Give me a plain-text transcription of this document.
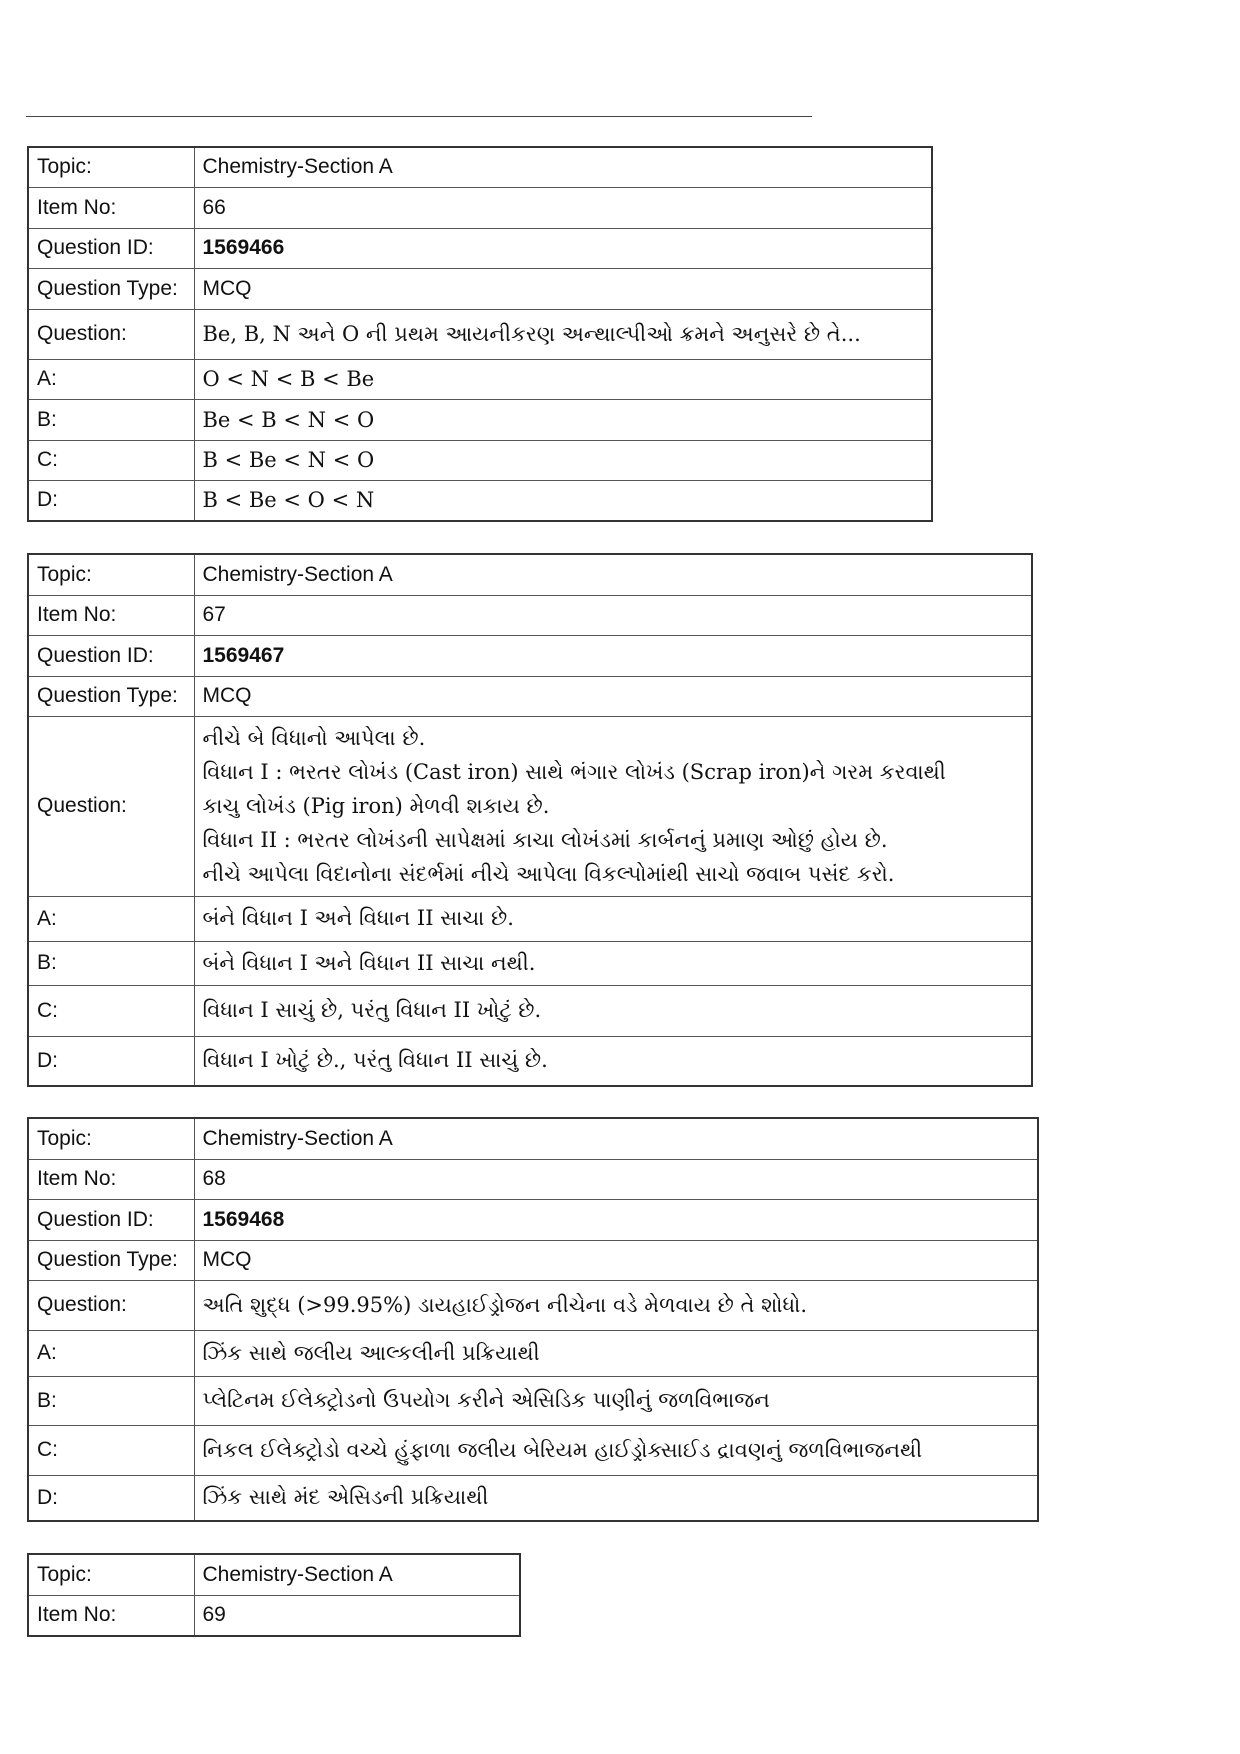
Topic:	Chemistry-Section A
Item No:	66
Question ID:	1569466
Question Type:	MCQ
Question:	Be, B, N અને O ની પ્રથમ આયનીકરણ અન્થાલ્પીઓ ક્રમને અનુસરે છે તે...
A:	O < N < B < Be
B:	Be < B < N < O
C:	B < Be < N < O
D:	B < Be < O < N
Topic:	Chemistry-Section A
Item No:	67
Question ID:	1569467
Question Type:	MCQ
Question:	નીચે બે વિધાનો આપેલા છે.
વિધાન I : ભરતર લોખંડ (Cast iron) સાથે ભંગાર લોખંડ (Scrap iron)ને ગરમ કરવાથી
કાચુ લોખંડ (Pig iron) મેળવી શકાય છે.
વિધાન II : ભરતર લોખંડની સાપેક્ષમાં કાચા લોખંડમાં કાર્બનનું પ્રમાણ ઓછું હોય છે.
નીચે આપેલા વિદાનોના સંદર્ભમાં નીચે આપેલા વિકલ્પોમાંથી સાચો જવાબ પસંદ કરો.

A:	બંને વિધાન I અને વિધાન II સાચા છે.
B:	બંને વિધાન I અને વિધાન II સાચા નથી.
C:	વિધાન I સાચું છે, પરંતુ વિધાન II ખોટું છે.
D:	વિધાન I ખોટું છે., પરંતુ વિધાન II સાચું છે.
Topic:	Chemistry-Section A
Item No:	68
Question ID:	1569468
Question Type:	MCQ
Question:	અતિ શુદ્ધ (>99.95%) ડાયહાઈડ્રોજન નીચેના વડે મેળવાય છે તે શોધો.
A:	ઝિંક સાથે જલીય આલ્કલીની પ્રક્રિયાથી
B:	પ્લેટિનમ ઈલેક્ટ્રોડનો ઉપયોગ કરીને એસિડિક પાણીનું જળવિભાજન
C:	નિકલ ઈલેક્ટ્રોડો વચ્ચે હુંફાળા જલીય બેરિયમ હાઈડ્રોક્સાઈડ દ્રાવણનું જળવિભાજનથી
D:	ઝિંક સાથે મંદ એસિડની પ્રક્રિયાથી
Topic:	Chemistry-Section A
Item No:	69
